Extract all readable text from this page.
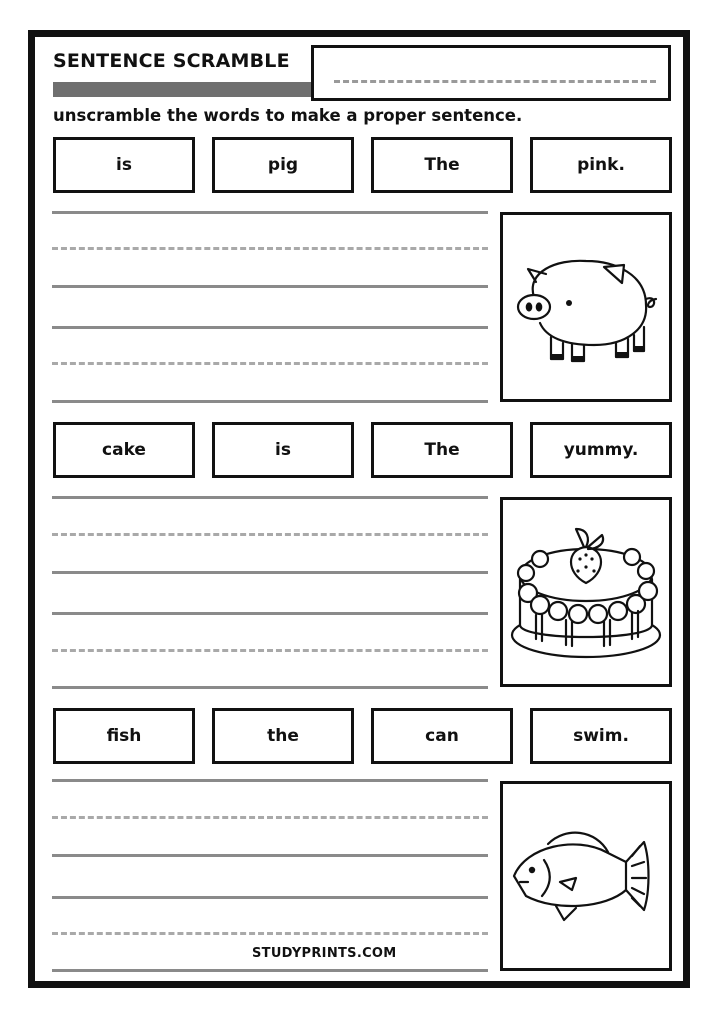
SENTENCE SCRAMBLE
unscramble the words to make a proper sentence.
is	pig	The	pink.
cake	is	The	yummy.
fish	the	can	swim.
STUDYPRINTS.COM
